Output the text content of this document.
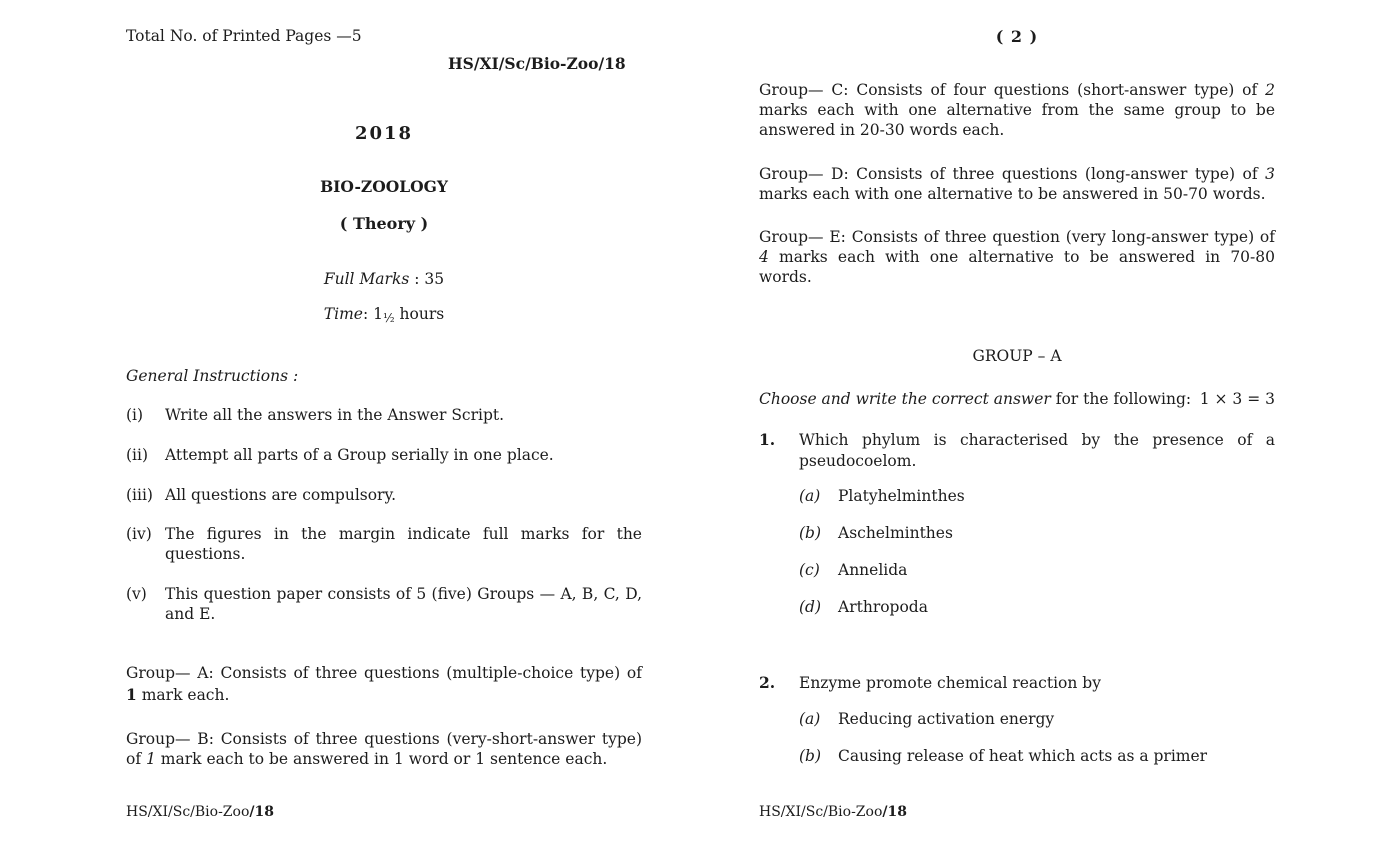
Total No. of Printed Pages —5
HS/XI/Sc/Bio-Zoo/18
2018
BIO-ZOOLOGY
( Theory )
Full Marks : 35
Time: 1½ hours
General Instructions :
(i) Write all the answers in the Answer Script.
(ii) Attempt all parts of a Group serially in one place.
(iii) All questions are compulsory.
(iv) The figures in the margin indicate full marks for the questions.
(v) This question paper consists of 5 (five) Groups — A, B, C, D, and E.

Group— A: Consists of three questions (multiple-choice type) of 1 mark each.

Group— B: Consists of three questions (very-short-answer type) of 1 mark each to be answered in 1 word or 1 sentence each.

HS/XI/Sc/Bio-Zoo/18
( 2 )

Group— C: Consists of four questions (short-answer type) of 2 marks each with one alternative from the same group to be answered in 20-30 words each.

Group— D: Consists of three questions (long-answer type) of 3 marks each with one alternative to be answered in 50-70 words.

Group— E: Consists of three question (very long-answer type) of 4 marks each with one alternative to be answered in 70-80 words.

GROUP – A
Choose and write the correct answer for the following: 1 × 3 = 3
1. Which phylum is characterised by the presence of a pseudocoelom.

(a) Platyhelminthes
(b) Aschelminthes
(c) Annelida
(d) Arthropoda
2. Enzyme promote chemical reaction by

(a) Reducing activation energy
(b) Causing release of heat which acts as a primer
HS/XI/Sc/Bio-Zoo/18
